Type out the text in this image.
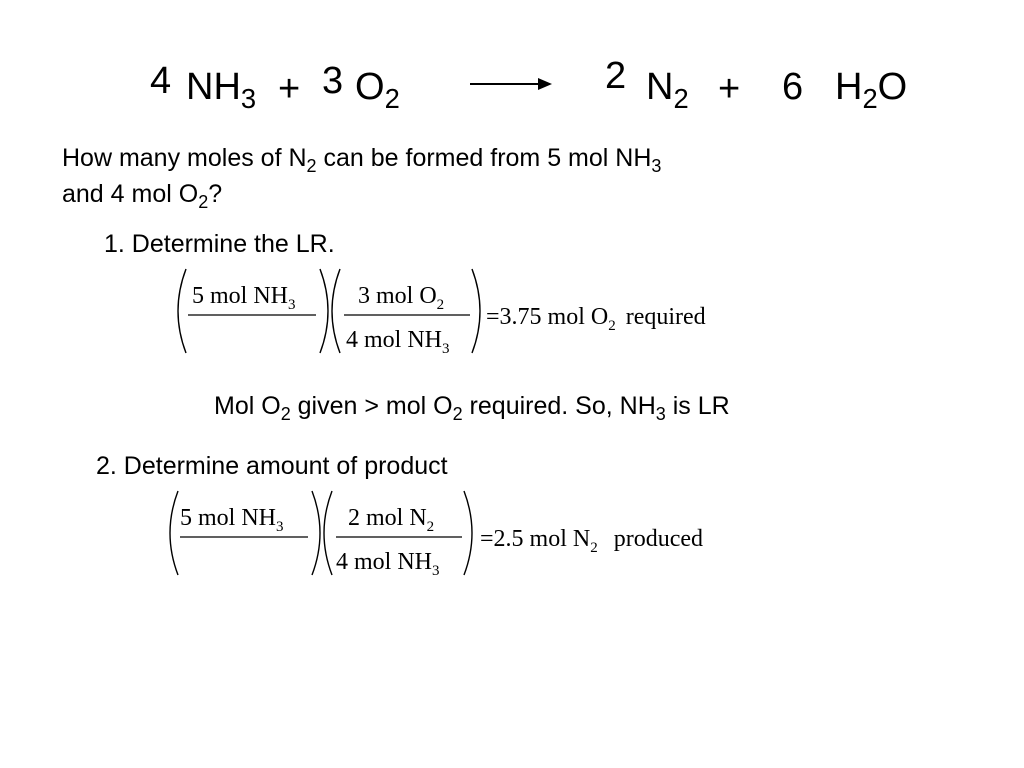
4 $NH_3 + 3$ $O_2$
2 $N_2 + 6$ $H_2O$
How many moles of $N_2$ can be formed from 5 mol $NH_3$
and 4 mol $O_2$?
1. Determine the LR.
5 mol $NH_3$	3 mol $O_2$
4 mol $NH_3$
=3.75 mol $O_2$ required
Mol $O_2$ given > mol $O_2$ required. So, $NH_3$ is LR
2. Determine amount of product
5 mol $NH_3$	2 mol $N_2$
4 mol $NH_3$
=2.5 mol $N_2$ produced
